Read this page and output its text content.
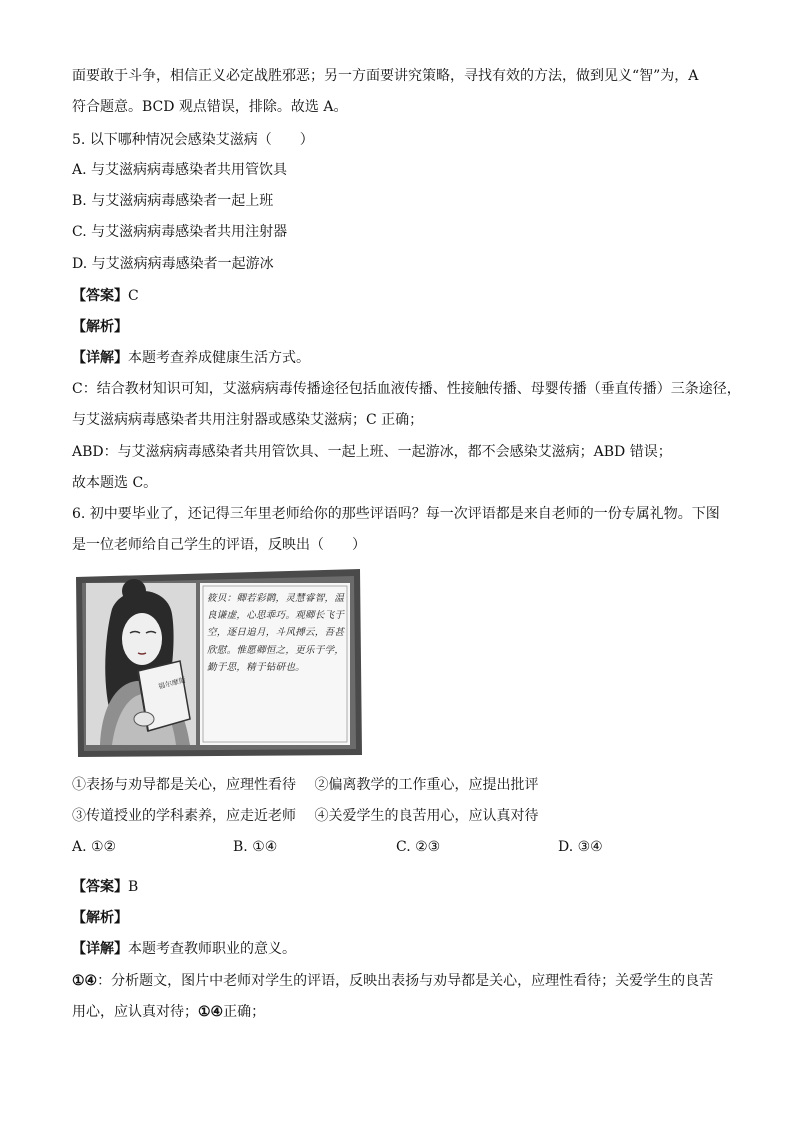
面要敢于斗争，相信正义必定战胜邪恶；另一方面要讲究策略，寻找有效的方法，做到见义“智”为，A
符合题意。BCD 观点错误，排除。故选 A。
5. 以下哪种情况会感染艾滋病（　　）
A. 与艾滋病病毒感染者共用管饮具
B. 与艾滋病病毒感染者一起上班
C. 与艾滋病病毒感染者共用注射器
D. 与艾滋病病毒感染者一起游冰
【答案】C
【解析】
【详解】本题考查养成健康生活方式。
C：结合教材知识可知，艾滋病病毒传播途径包括血液传播、性接触传播、母婴传播（垂直传播）三条途径，
与艾滋病病毒感染者共用注射器或感染艾滋病；C 正确；
ABD：与艾滋病病毒感染者共用管饮具、一起上班、一起游冰，都不会感染艾滋病；ABD 错误；
故本题选 C。
6. 初中要毕业了，还记得三年里老师给你的那些评语吗？每一次评语都是来自老师的一份专属礼物。下图
是一位老师给自己学生的评语，反映出（　　）
福尔摩斯
筱贝：卿若彩鹮，灵慧睿智，温良谦虚，心思乖巧。观卿长飞于空，逐日追月，斗风搏云，吾甚欣慰。惟愿卿恒之，更乐于学，勤于思，精于钻研也。
①表扬与劝导都是关心，应理性看待　 ②偏离教学的工作重心，应提出批评
③传道授业的学科素养，应走近老师　 ④关爱学生的良苦用心，应认真对待
A. ①②	B. ①④	C. ②③	D. ③④
【答案】B
【解析】
【详解】本题考查教师职业的意义。
①④：分析题文，图片中老师对学生的评语，反映出表扬与劝导都是关心，应理性看待；关爱学生的良苦
用心，应认真对待；①④正确；
